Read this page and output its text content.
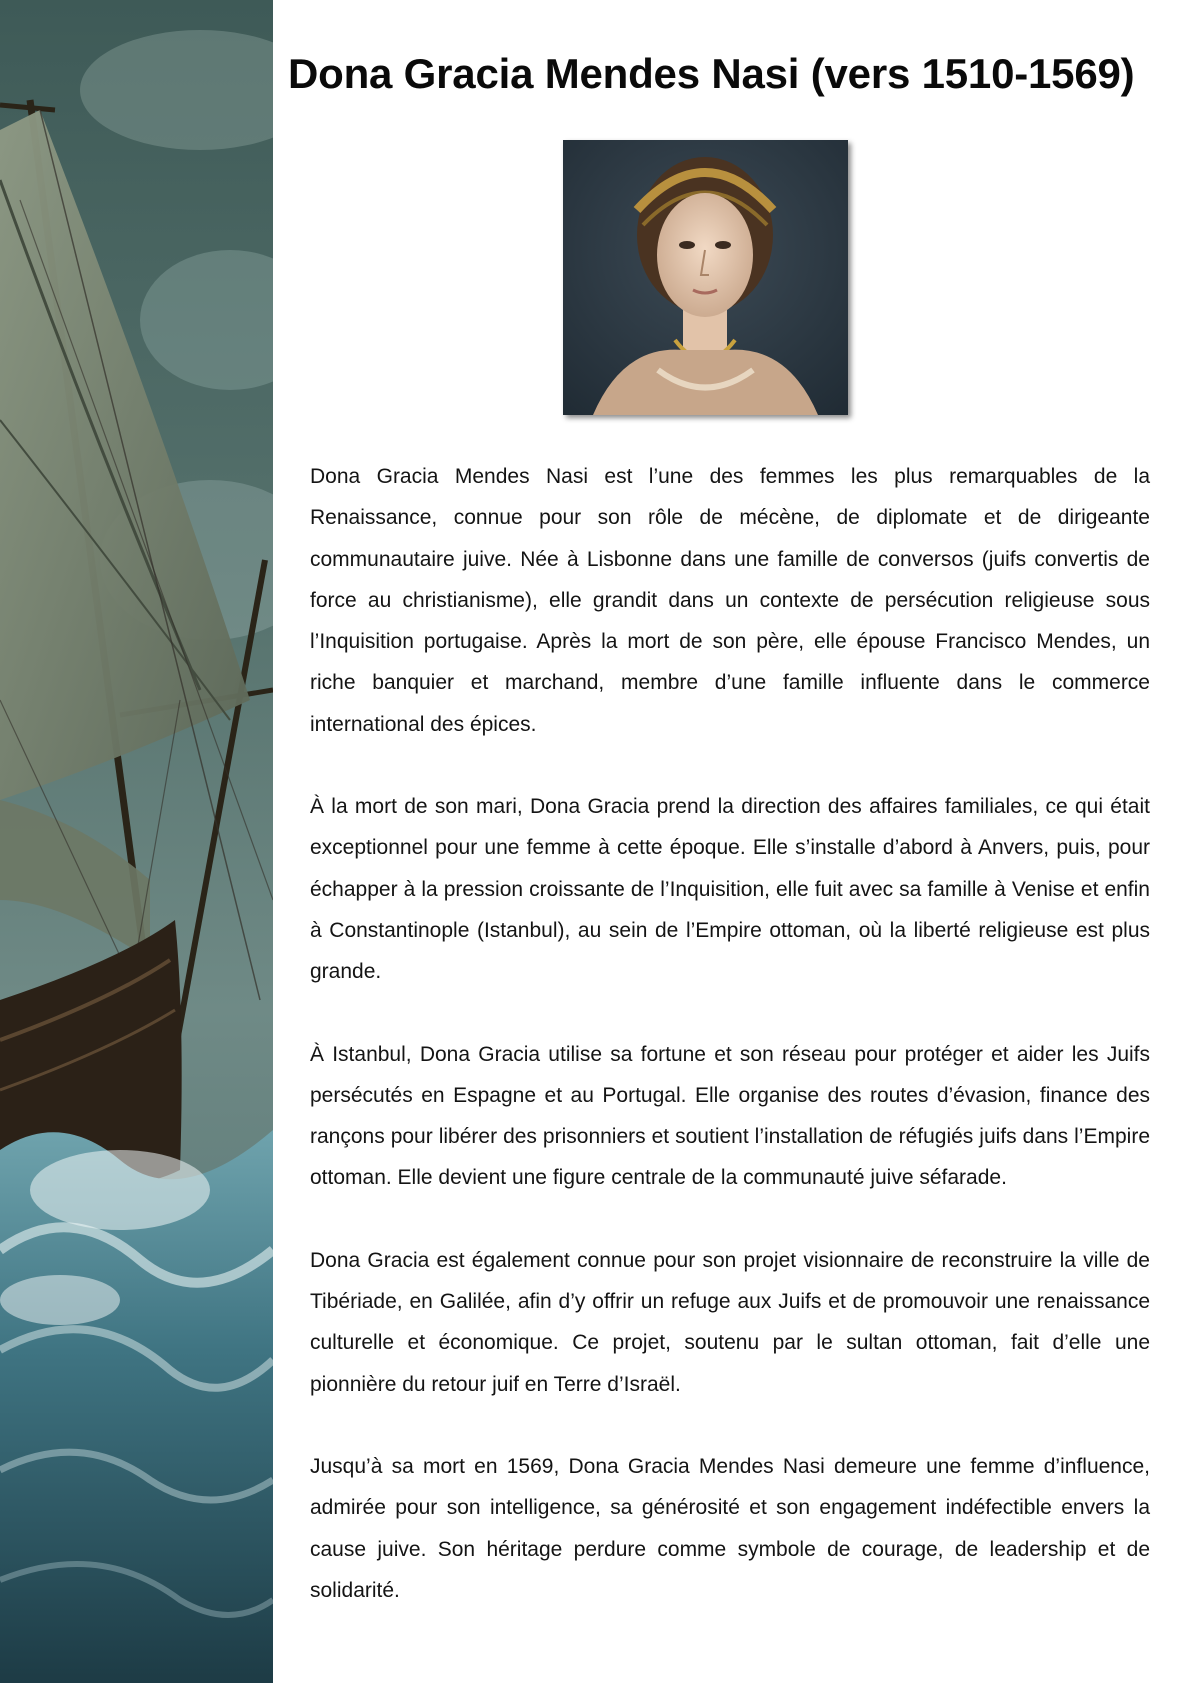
Dona Gracia Mendes Nasi (vers 1510-1569)

Dona Gracia Mendes Nasi est l’une des femmes les plus remarquables de la Renaissance, connue pour son rôle de mécène, de diplomate et de dirigeante communautaire juive. Née à Lisbonne dans une famille de conversos (juifs convertis de force au christianisme), elle grandit dans un contexte de persécution religieuse sous l’Inquisition portugaise. Après la mort de son père, elle épouse Francisco Mendes, un riche banquier et marchand, membre d’une famille influente dans le commerce international des épices.

À la mort de son mari, Dona Gracia prend la direction des affaires familiales, ce qui était exceptionnel pour une femme à cette époque. Elle s’installe d’abord à Anvers, puis, pour échapper à la pression croissante de l’Inquisition, elle fuit avec sa famille à Venise et enfin à Constantinople (Istanbul), au sein de l’Empire ottoman, où la liberté religieuse est plus grande.

À Istanbul, Dona Gracia utilise sa fortune et son réseau pour protéger et aider les Juifs persécutés en Espagne et au Portugal. Elle organise des routes d’évasion, finance des rançons pour libérer des prisonniers et soutient l’installation de réfugiés juifs dans l’Empire ottoman. Elle devient une figure centrale de la communauté juive séfarade.

Dona Gracia est également connue pour son projet visionnaire de reconstruire la ville de Tibériade, en Galilée, afin d’y offrir un refuge aux Juifs et de promouvoir une renaissance culturelle et économique. Ce projet, soutenu par le sultan ottoman, fait d’elle une pionnière du retour juif en Terre d’Israël.

Jusqu’à sa mort en 1569, Dona Gracia Mendes Nasi demeure une femme d’influence, admirée pour son intelligence, sa générosité et son engagement indéfectible envers la cause juive. Son héritage perdure comme symbole de courage, de leadership et de solidarité.
